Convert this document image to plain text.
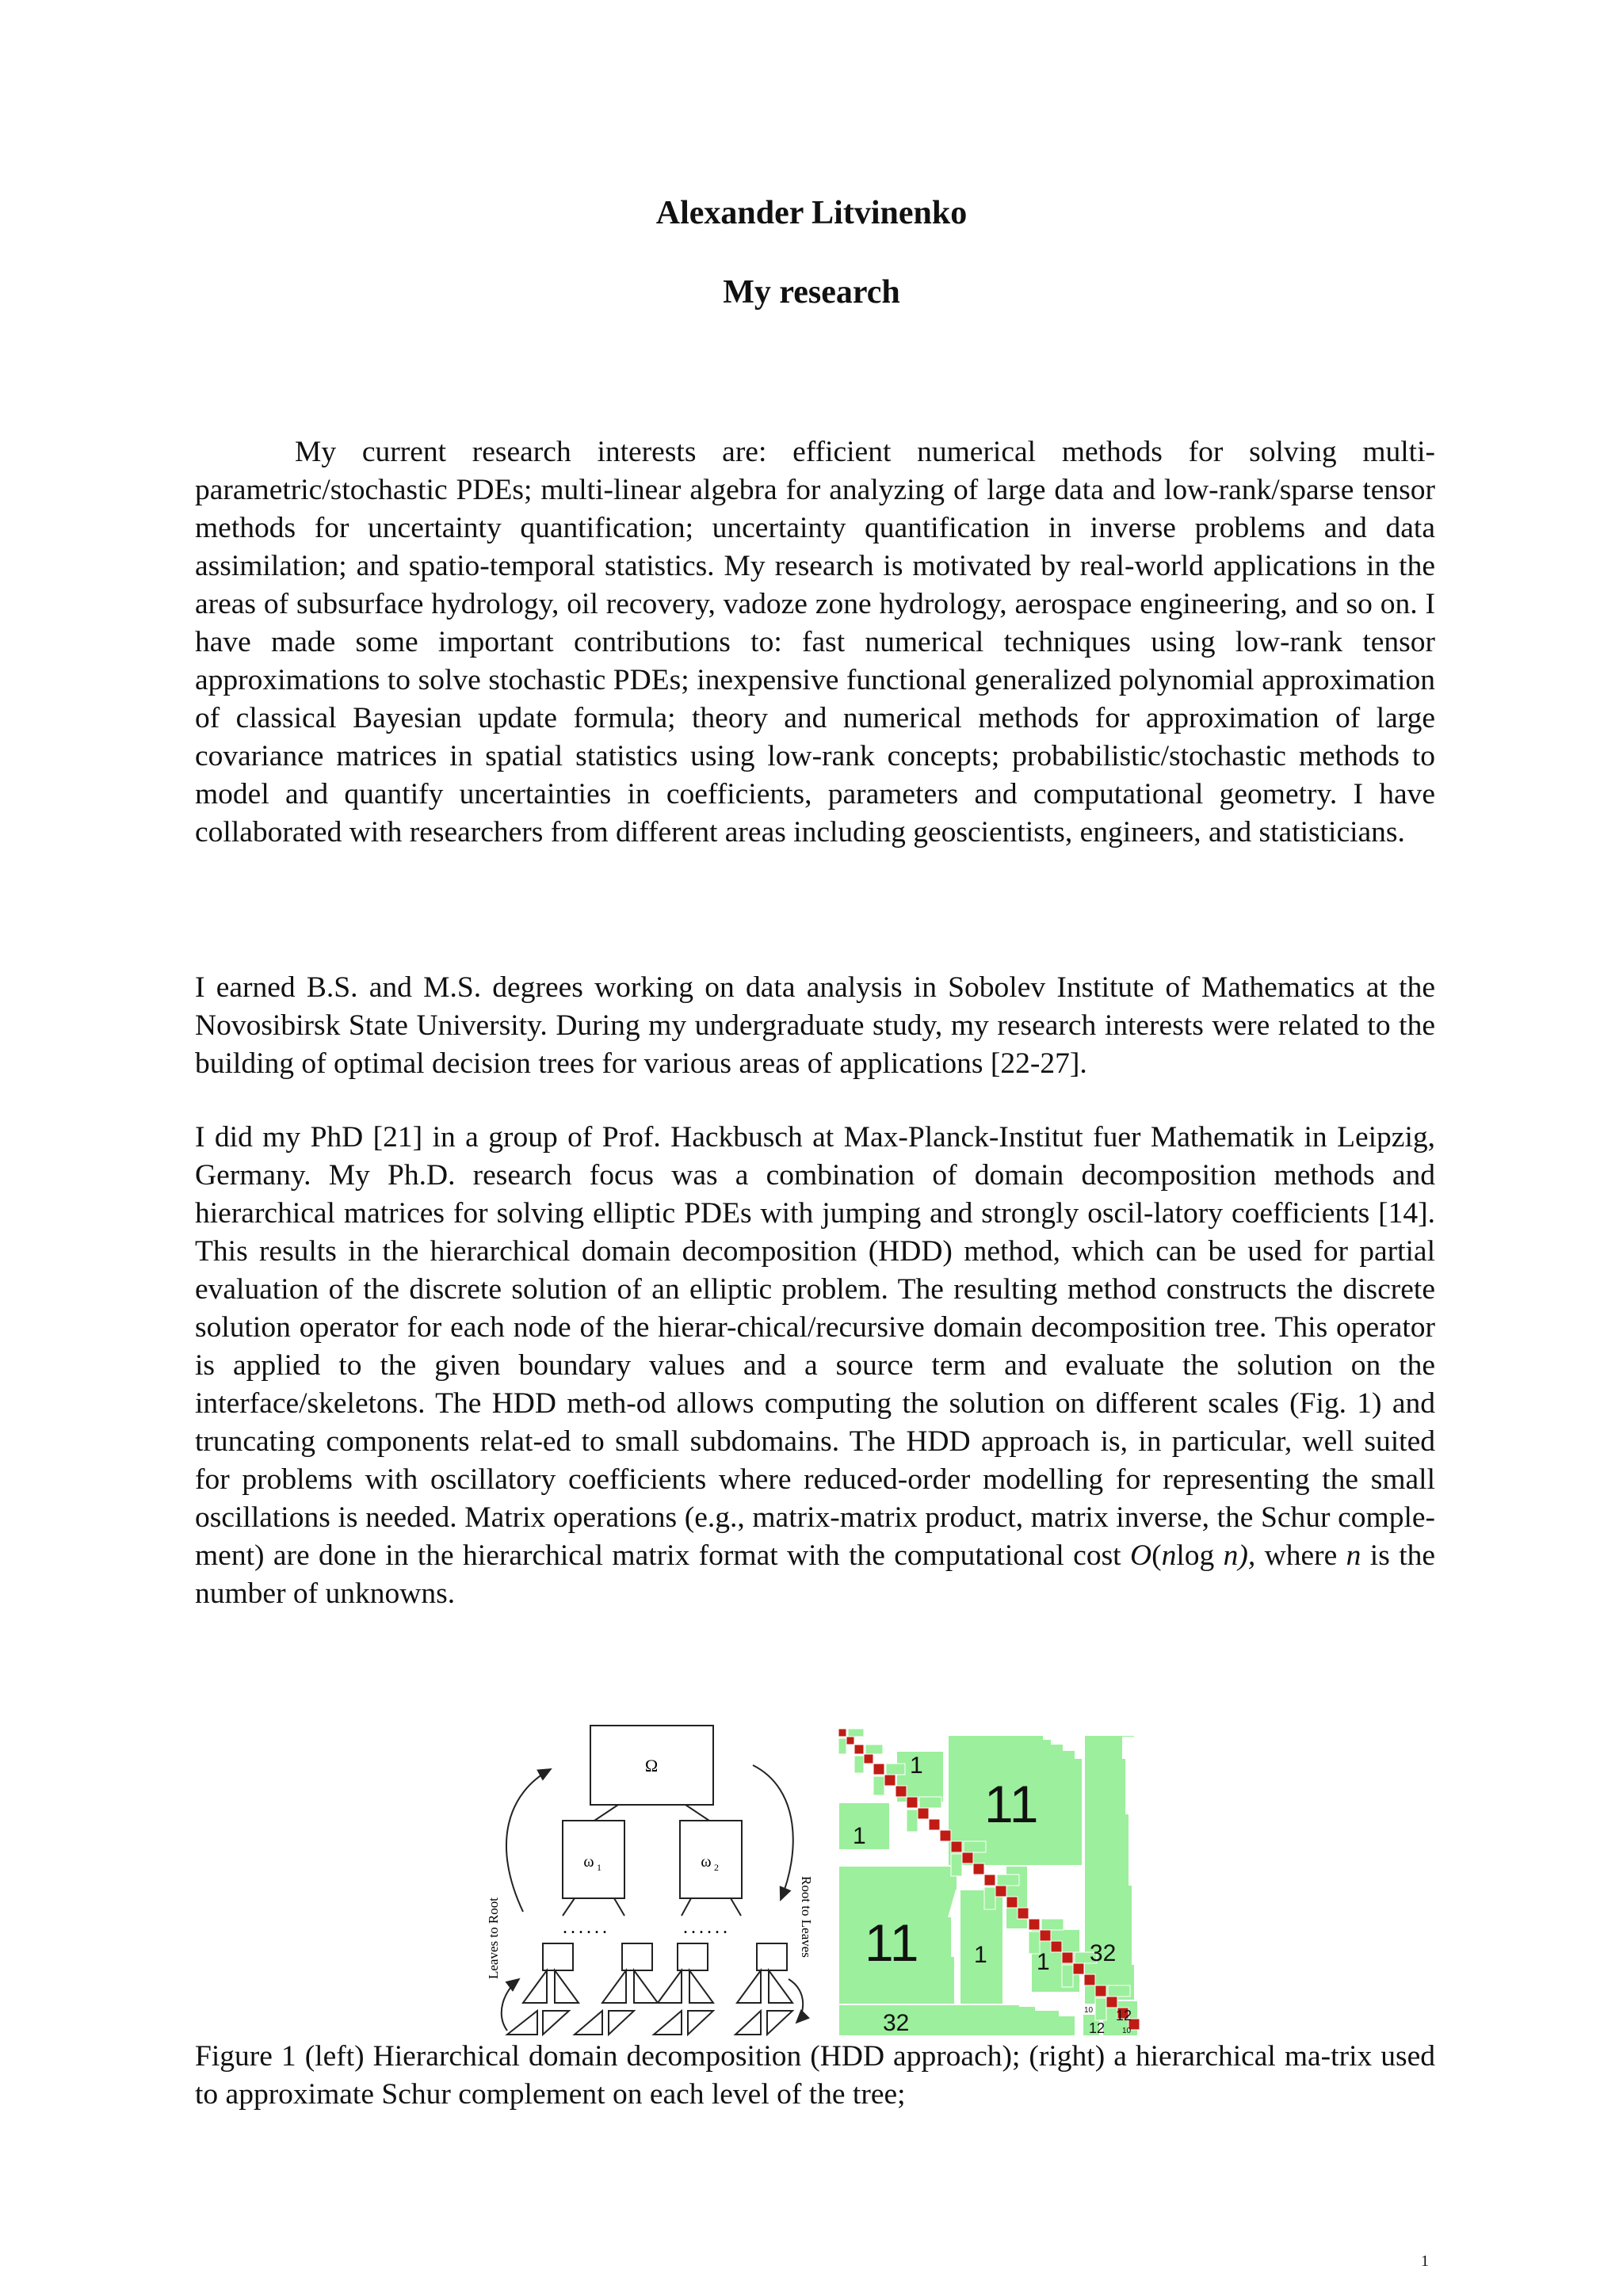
Alexander Litvinenko
My research

My current research interests are: efficient numerical methods for solving multi-parametric/stochastic PDEs; multi-linear algebra for analyzing of large data and low-rank/sparse tensor methods for uncertainty quantification; uncertainty quantification in inverse problems and data assimilation; and spatio-temporal statistics. My research is motivated by real-world applications in the areas of subsurface hydrology, oil recovery, vadoze zone hydrology, aerospace engineering, and so on. I have made some important contributions to: fast numerical techniques using low-rank tensor approximations to solve stochastic PDEs; inexpensive functional generalized polynomial approximation of classical Bayesian update formula; theory and numerical methods for approximation of large covariance matrices in spatial statistics using low-rank concepts; probabilistic/stochastic methods to model and quantify uncertainties in coefficients, parameters and computational geometry. I have collaborated with researchers from different areas including geoscientists, engineers, and statisticians.

I earned B.S. and M.S. degrees working on data analysis in Sobolev Institute of Mathematics at the Novosibirsk State University. During my undergraduate study, my research interests were related to the building of optimal decision trees for various areas of applications [22-27].

I did my PhD [21] in a group of Prof. Hackbusch at Max-Planck-Institut fuer Mathematik in Leipzig, Germany. My Ph.D. research focus was a combination of domain decomposition methods and hierarchical matrices for solving elliptic PDEs with jumping and strongly oscil-latory coefficients [14]. This results in the hierarchical domain decomposition (HDD) method, which can be used for partial evaluation of the discrete solution of an elliptic problem. The resulting method constructs the discrete solution operator for each node of the hierar-chical/recursive domain decomposition tree. This operator is applied to the given boundary values and a source term and evaluate the solution on the interface/skeletons. The HDD meth-od allows computing the solution on different scales (Fig. 1) and truncating components relat-ed to small subdomains. The HDD approach is, in particular, well suited for problems with oscillatory coefficients where reduced-order modelling for representing the small oscillations is needed. Matrix operations (e.g., matrix-matrix product, matrix inverse, the Schur comple-ment) are done in the hierarchical matrix format with the computational cost O(nlog n), where n is the number of unknowns.

Ω
ω 1	ω 2
......	......
Leaves to Root	Root to Leaves
1
11
1
11	1
1	32
32	10 12
12 10

Figure 1 (left) Hierarchical domain decomposition (HDD approach); (right) a hierarchical ma-trix used to approximate Schur complement on each level of the tree;

1
